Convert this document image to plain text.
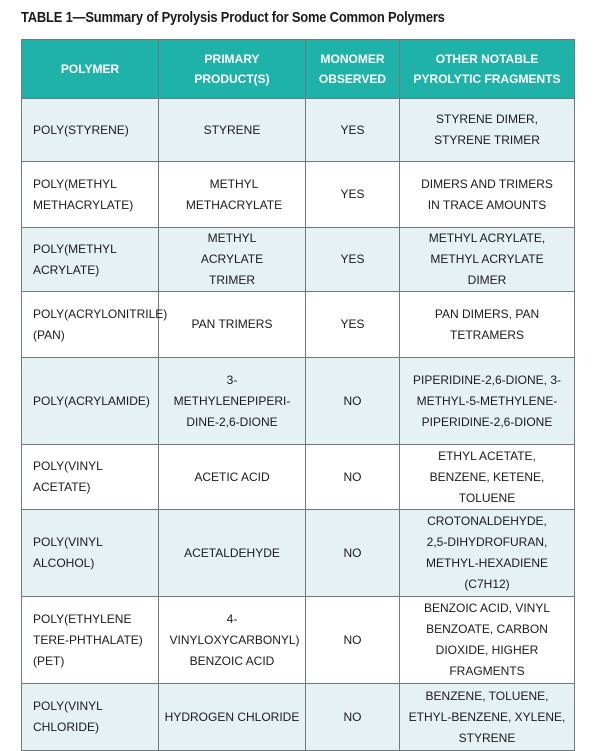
TABLE 1—Summary of Pyrolysis Product for Some Common Polymers
POLYMER	PRIMARY PRODUCT(S)	MONOMER OBSERVED	OTHER NOTABLE PYROLYTIC FRAGMENTS
POLY(STYRENE)	STYRENE	YES	STYRENE DIMER, STYRENE TRIMER
POLY(METHYL METHACRYLATE)	METHYL METHACRYLATE	YES	DIMERS AND TRIMERS IN TRACE AMOUNTS
POLY(METHYL ACRYLATE)	METHYL ACRYLATE TRIMER	YES	METHYL ACRYLATE, METHYL ACRYLATE DIMER
POLY(ACRYLONITRILE) (PAN)	PAN TRIMERS	YES	PAN DIMERS, PAN TETRAMERS
POLY(ACRYLAMIDE)	3-METHYLENEPIPERI-DINE-2,6-DIONE	NO	PIPERIDINE-2,6-DIONE, 3-METHYL-5-METHYLENE-PIPERIDINE-2,6-DIONE
POLY(VINYL ACETATE)	ACETIC ACID	NO	ETHYL ACETATE, BENZENE, KETENE, TOLUENE
POLY(VINYL ALCOHOL)	ACETALDEHYDE	NO	CROTONALDEHYDE, 2,5-DIHYDROFURAN, METHYL-HEXADIENE (C7H12)
POLY(ETHYLENE TERE-PHTHALATE) (PET)	4-VINYLOXYCARBONYL) BENZOIC ACID	NO	BENZOIC ACID, VINYL BENZOATE, CARBON DIOXIDE, HIGHER FRAGMENTS
POLY(VINYL CHLORIDE)	HYDROGEN CHLORIDE	NO	BENZENE, TOLUENE, ETHYL-BENZENE, XYLENE, STYRENE
